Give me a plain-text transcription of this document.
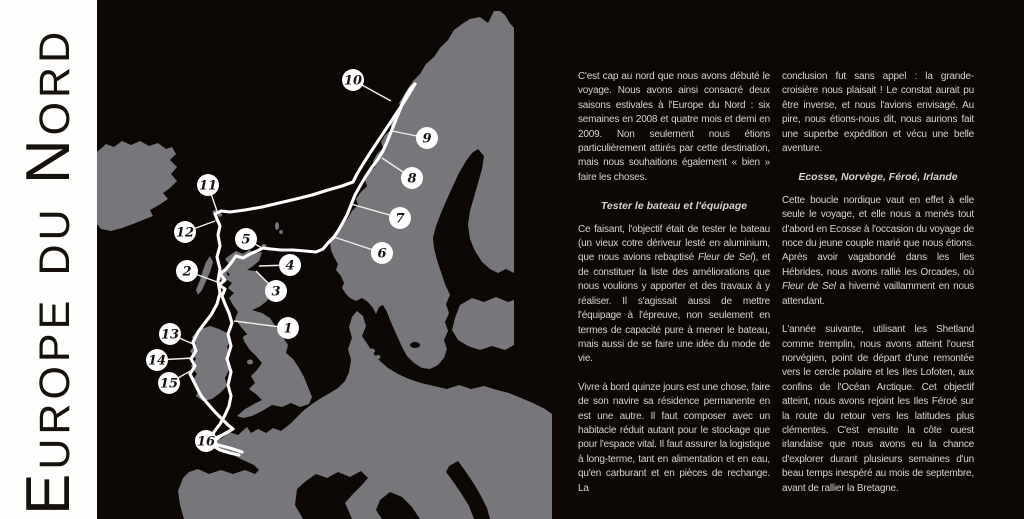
Europe du Nord	1
2
3
4
5
6
7
8
9
10
11
12
13
14
15
16

C'est cap au nord que nous avons débuté le voyage. Nous avons ainsi consacré deux saisons estivales à l'Europe du Nord : six semaines en 2008 et quatre mois et demi en 2009. Non seulement nous étions particulièrement attirés par cette destination, mais nous souhaitions également « bien » faire les choses.

Tester le bateau et l'équipage

Ce faisant, l'objectif était de tester le bateau (un vieux cotre dériveur lesté en aluminium, que nous avions rebaptisé Fleur de Sel), et de constituer la liste des améliorations que nous voulions y apporter et des travaux à y réaliser. Il s'agissait aussi de mettre l'équipage à l'épreuve, non seulement en termes de capacité pure à mener le bateau, mais aussi de se faire une idée du mode de vie.

Vivre à bord quinze jours est une chose, faire de son navire sa résidence permanente en est une autre. Il faut composer avec un habitacle réduit autant pour le stockage que pour l'espace vital. Il faut assurer la logistique à long-terme, tant en alimentation et en eau, qu'en carburant et en pièces de rechange. La

conclusion fut sans appel : la grande-croisière nous plaisait ! Le constat aurait pu être inverse, et nous l'avions envisagé. Au pire, nous étions-nous dit, nous aurions fait une superbe expédition et vécu une belle aventure.

Ecosse, Norvège, Féroé, Irlande

Cette boucle nordique vaut en effet à elle seule le voyage, et elle nous a menés tout d'abord en Ecosse à l'occasion du voyage de noce du jeune couple marié que nous étions. Après avoir vagabondé dans les Iles Hébrides, nous avons rallié les Orcades, où Fleur de Sel a hiverné vaillamment en nous attendant.

L'année suivante, utilisant les Shetland comme tremplin, nous avons atteint l'ouest norvégien, point de départ d'une remontée vers le cercle polaire et les Iles Lofoten, aux confins de l'Océan Arctique. Cet objectif atteint, nous avons rejoint les Iles Féroé sur la route du retour vers les latitudes plus clémentes. C'est ensuite la côte ouest irlandaise que nous avons eu la chance d'explorer durant plusieurs semaines d'un beau temps inespéré au mois de septembre, avant de rallier la Bretagne.
